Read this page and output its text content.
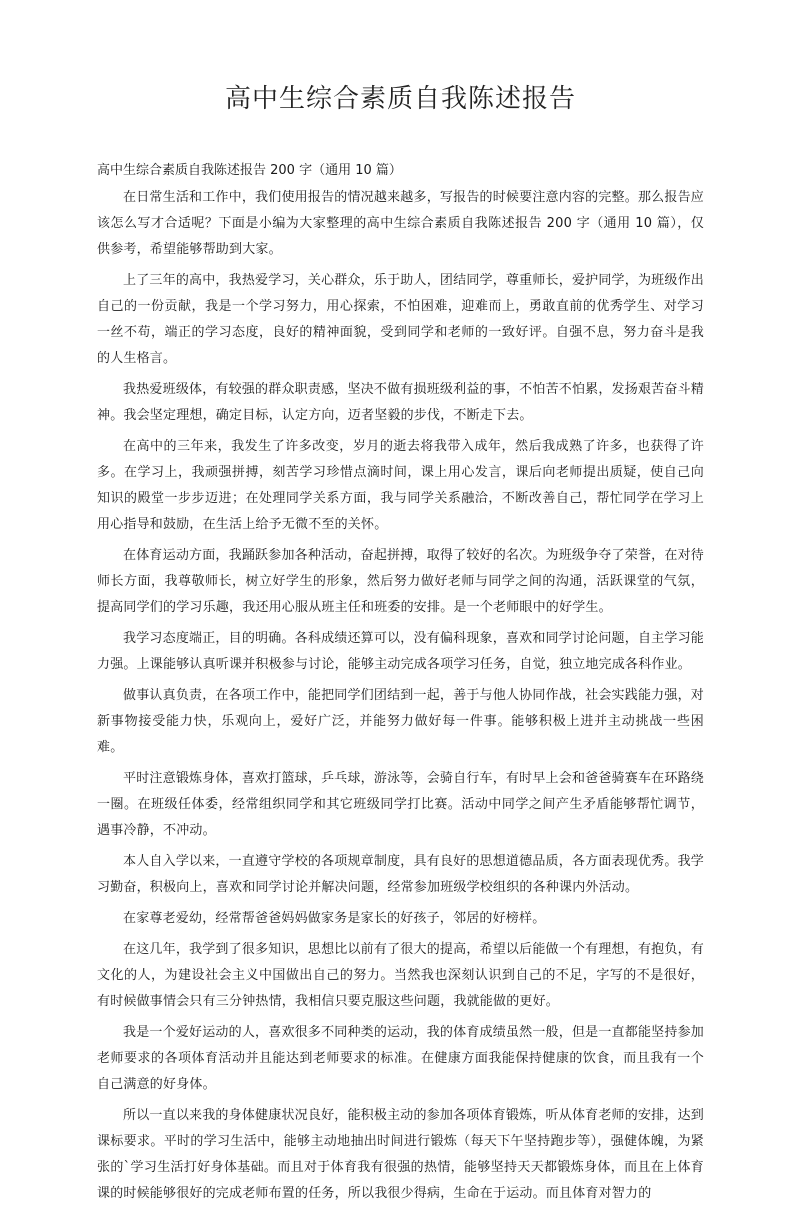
高中生综合素质自我陈述报告

高中生综合素质自我陈述报告 200 字（通用 10 篇）

在日常生活和工作中，我们使用报告的情况越来越多，写报告的时候要注意内容的完整。那么报告应该怎么写才合适呢？下面是小编为大家整理的高中生综合素质自我陈述报告 200 字（通用 10 篇），仅供参考，希望能够帮助到大家。

上了三年的高中，我热爱学习，关心群众，乐于助人，团结同学，尊重师长，爱护同学，为班级作出自己的一份贡献，我是一个学习努力，用心探索，不怕困难，迎难而上，勇敢直前的优秀学生、对学习一丝不苟，端正的学习态度，良好的精神面貌，受到同学和老师的一致好评。自强不息，努力奋斗是我的人生格言。

我热爱班级体，有较强的群众职责感，坚决不做有损班级利益的事，不怕苦不怕累，发扬艰苦奋斗精神。我会坚定理想，确定目标，认定方向，迈者坚毅的步伐，不断走下去。

在高中的三年来，我发生了许多改变，岁月的逝去将我带入成年，然后我成熟了许多，也获得了许多。在学习上，我顽强拼搏，刻苦学习珍惜点滴时间，课上用心发言，课后向老师提出质疑，使自己向知识的殿堂一步步迈进；在处理同学关系方面，我与同学关系融洽，不断改善自己，帮忙同学在学习上用心指导和鼓励，在生活上给予无微不至的关怀。

在体育运动方面，我踊跃参加各种活动，奋起拼搏，取得了较好的名次。为班级争夺了荣誉，在对待师长方面，我尊敬师长，树立好学生的形象，然后努力做好老师与同学之间的沟通，活跃课堂的气氛，提高同学们的学习乐趣，我还用心服从班主任和班委的安排。是一个老师眼中的好学生。

我学习态度端正，目的明确。各科成绩还算可以，没有偏科现象，喜欢和同学讨论问题，自主学习能力强。上课能够认真听课并积极参与讨论，能够主动完成各项学习任务，自觉，独立地完成各科作业。

做事认真负责，在各项工作中，能把同学们团结到一起，善于与他人协同作战，社会实践能力强，对新事物接受能力快，乐观向上，爱好广泛，并能努力做好每一件事。能够积极上进并主动挑战一些困难。

平时注意锻炼身体，喜欢打篮球，乒乓球，游泳等，会骑自行车，有时早上会和爸爸骑赛车在环路绕一圈。在班级任体委，经常组织同学和其它班级同学打比赛。活动中同学之间产生矛盾能够帮忙调节，遇事冷静，不冲动。

本人自入学以来，一直遵守学校的各项规章制度，具有良好的思想道德品质，各方面表现优秀。我学习勤奋，积极向上，喜欢和同学讨论并解决问题，经常参加班级学校组织的各种课内外活动。

在家尊老爱幼，经常帮爸爸妈妈做家务是家长的好孩子，邻居的好榜样。

在这几年，我学到了很多知识，思想比以前有了很大的提高，希望以后能做一个有理想，有抱负，有文化的人，为建设社会主义中国做出自己的努力。当然我也深刻认识到自己的不足，字写的不是很好，有时候做事情会只有三分钟热情，我相信只要克服这些问题，我就能做的更好。

我是一个爱好运动的人，喜欢很多不同种类的运动，我的体育成绩虽然一般，但是一直都能坚持参加老师要求的各项体育活动并且能达到老师要求的标准。在健康方面我能保持健康的饮食，而且我有一个自己满意的好身体。

所以一直以来我的身体健康状况良好，能积极主动的参加各项体育锻炼，听从体育老师的安排，达到课标要求。平时的学习生活中，能够主动地抽出时间进行锻炼（每天下午坚持跑步等），强健体魄，为紧张的`学习生活打好身体基础。而且对于体育我有很强的热情，能够坚持天天都锻炼身体，而且在上体育课的时候能够很好的完成老师布置的任务，所以我很少得病，生命在于运动。而且体育对智力的
